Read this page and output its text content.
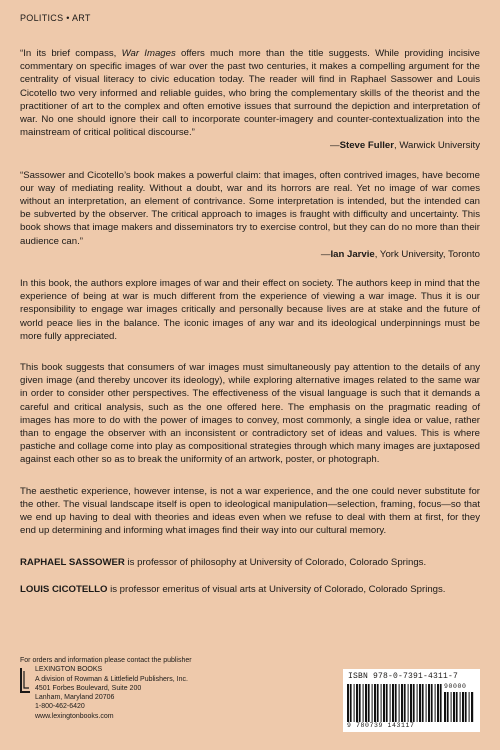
POLITICS • ART

“In its brief compass, War Images offers much more than the title suggests. While providing incisive commentary on specific images of war over the past two centuries, it makes a compelling argument for the centrality of visual literacy to civic education today. The reader will find in Raphael Sassower and Louis Cicotello two very informed and reliable guides, who bring the complementary skills of the theorist and the practitioner of art to the complex and often emotive issues that surround the depiction and interpretation of war. No one should ignore their call to incorporate counter-imagery and counter-contextualization into the mainstream of critical political discourse.”
—Steve Fuller, Warwick University

“Sassower and Cicotello’s book makes a powerful claim: that images, often contrived images, have become our way of mediating reality. Without a doubt, war and its horrors are real. Yet no image of war comes without an interpretation, an element of contrivance. Some interpretation is intended, but the intended can be subverted by the observer. The critical approach to images is fraught with difficulty and uncertainty. This book shows that image makers and disseminators try to exercise control, but they can do no more than their audience can.”
—Ian Jarvie, York University, Toronto

In this book, the authors explore images of war and their effect on society. The authors keep in mind that the experience of being at war is much different from the experience of viewing a war image. Thus it is our responsibility to engage war images critically and personally because lives are at stake and the future of world peace lies in the balance. The iconic images of any war and its ideological underpinnings must be more fully appreciated.

This book suggests that consumers of war images must simultaneously pay attention to the details of any given image (and thereby uncover its ideology), while exploring alternative images related to the same war in order to consider other perspectives. The effectiveness of the visual language is such that it demands a careful and critical analysis, such as the one offered here. The emphasis on the pragmatic reading of images has more to do with the power of images to convey, most commonly, a single idea or value, rather than to engage the observer with an inconsistent or contradictory set of ideas and values. This is where pastiche and collage come into play as compositional strategies through which many images are juxtaposed against each other so as to break the uniformity of an artwork, poster, or photograph.

The aesthetic experience, however intense, is not a war experience, and the one could never substitute for the other. The visual landscape itself is open to ideological manipulation—selection, framing, focus—so that we end up having to deal with theories and ideas even when we refuse to deal with them at first, for they end up determining and informing what images find their way into our cultural memory.

RAPHAEL SASSOWER is professor of philosophy at University of Colorado, Colorado Springs.

LOUIS CICOTELLO is professor emeritus of visual arts at University of Colorado, Colorado Springs.

For orders and information please contact the publisher
LEXINGTON BOOKS
A division of Rowman & Littlefield Publishers, Inc.
4501 Forbes Boulevard, Suite 200
Lanham, Maryland 20706
1-800-462-6420
www.lexingtonbooks.com
ISBN 978-0-7391-4311-7
90000
9 780739 143117
